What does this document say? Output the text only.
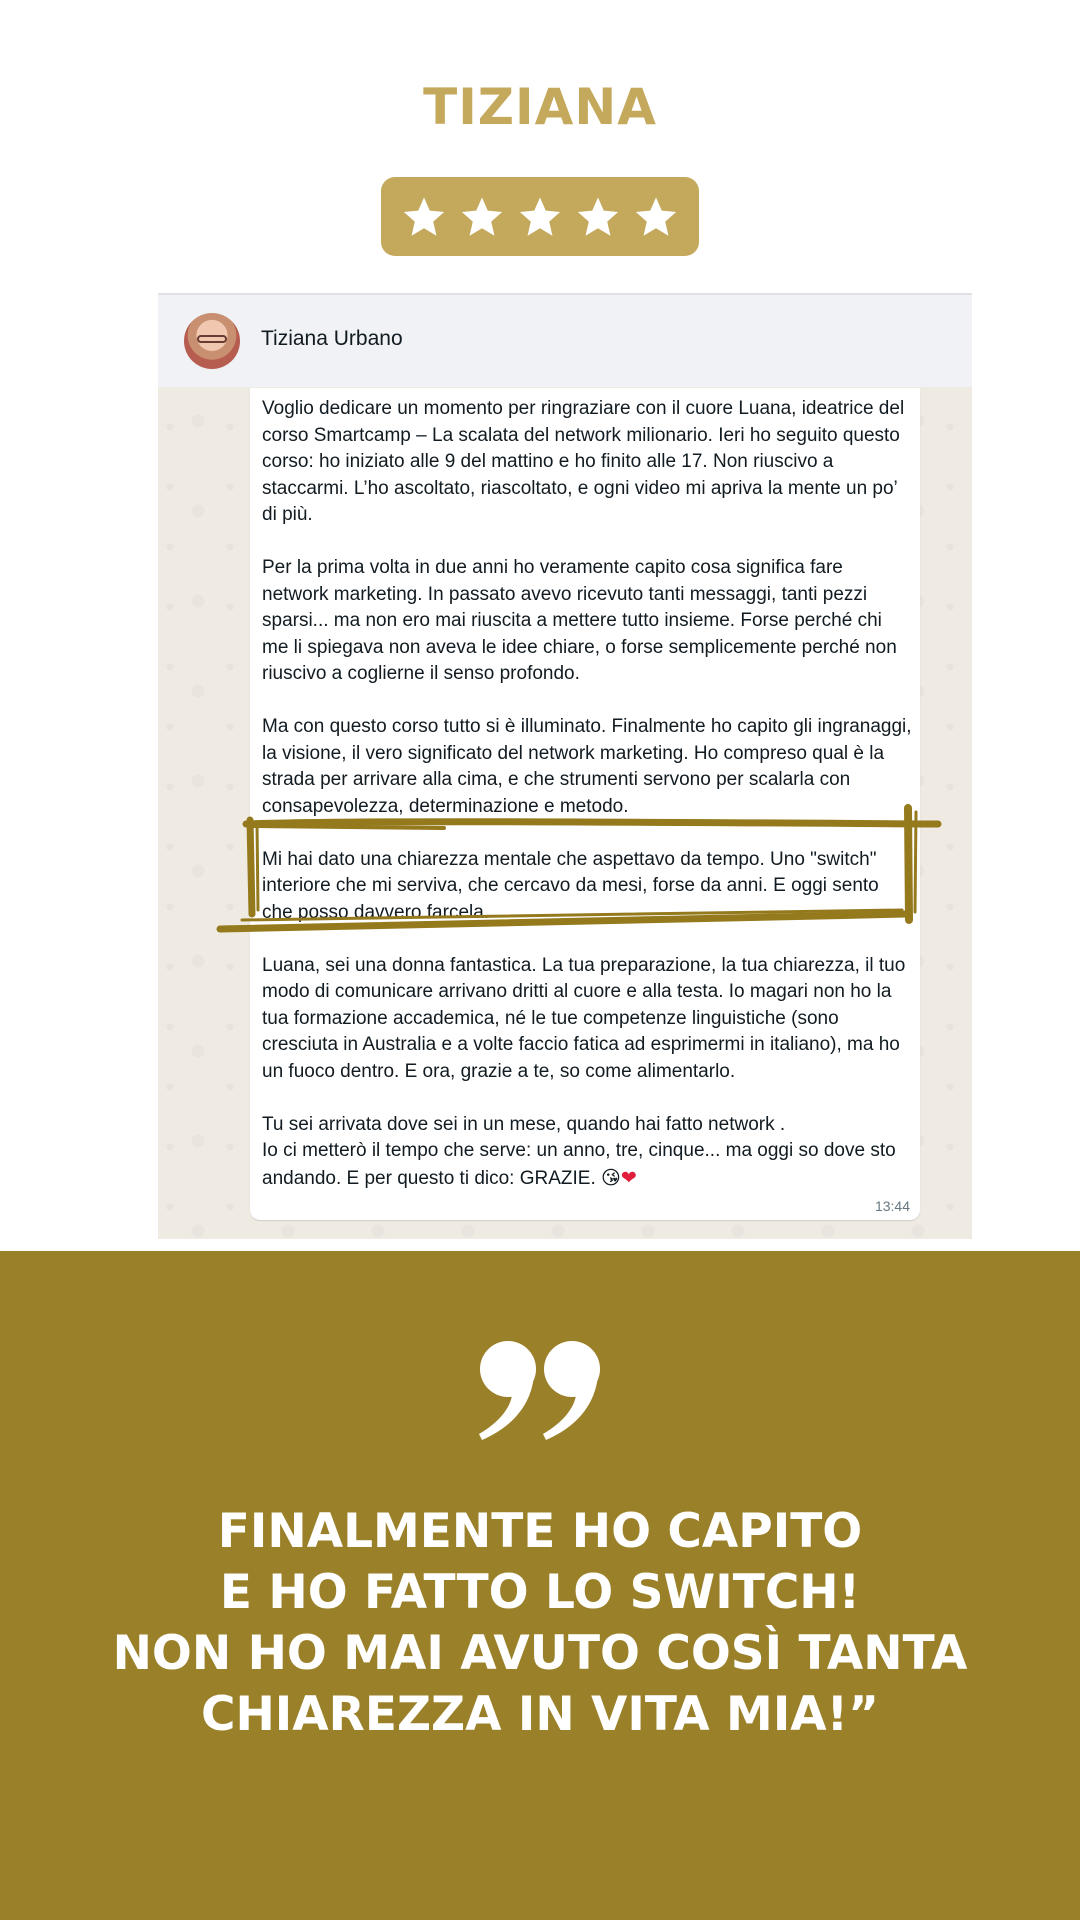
TIZIANA
Tiziana Urbano

Voglio dedicare un momento per ringraziare con il cuore Luana, ideatrice del corso Smartcamp – La scalata del network milionario. Ieri ho seguito questo corso: ho iniziato alle 9 del mattino e ho finito alle 17. Non riuscivo a staccarmi. L’ho ascoltato, riascoltato, e ogni video mi apriva la mente un po’ di più.

Per la prima volta in due anni ho veramente capito cosa significa fare network marketing. In passato avevo ricevuto tanti messaggi, tanti pezzi sparsi... ma non ero mai riuscita a mettere tutto insieme. Forse perché chi me li spiegava non aveva le idee chiare, o forse semplicemente perché non riuscivo a coglierne il senso profondo.

Ma con questo corso tutto si è illuminato. Finalmente ho capito gli ingranaggi, la visione, il vero significato del network marketing. Ho compreso qual è la strada per arrivare alla cima, e che strumenti servono per scalarla con consapevolezza, determinazione e metodo.

Mi hai dato una chiarezza mentale che aspettavo da tempo. Uno "switch" interiore che mi serviva, che cercavo da mesi, forse da anni. E oggi sento che posso davvero farcela.

Luana, sei una donna fantastica. La tua preparazione, la tua chiarezza, il tuo modo di comunicare arrivano dritti al cuore e alla testa. Io magari non ho la tua formazione accademica, né le tue competenze linguistiche (sono cresciuta in Australia e a volte faccio fatica ad esprimermi in italiano), ma ho un fuoco dentro. E ora, grazie a te, so come alimentarlo.

Tu sei arrivata dove sei in un mese, quando hai fatto network .
Io ci metterò il tempo che serve: un anno, tre, cinque... ma oggi so dove sto andando. E per questo ti dico: GRAZIE. 😘❤

13:44
FINALMENTE HO CAPITO
E HO FATTO LO SWITCH!
NON HO MAI AVUTO COSÌ TANTA
CHIAREZZA IN VITA MIA!”
